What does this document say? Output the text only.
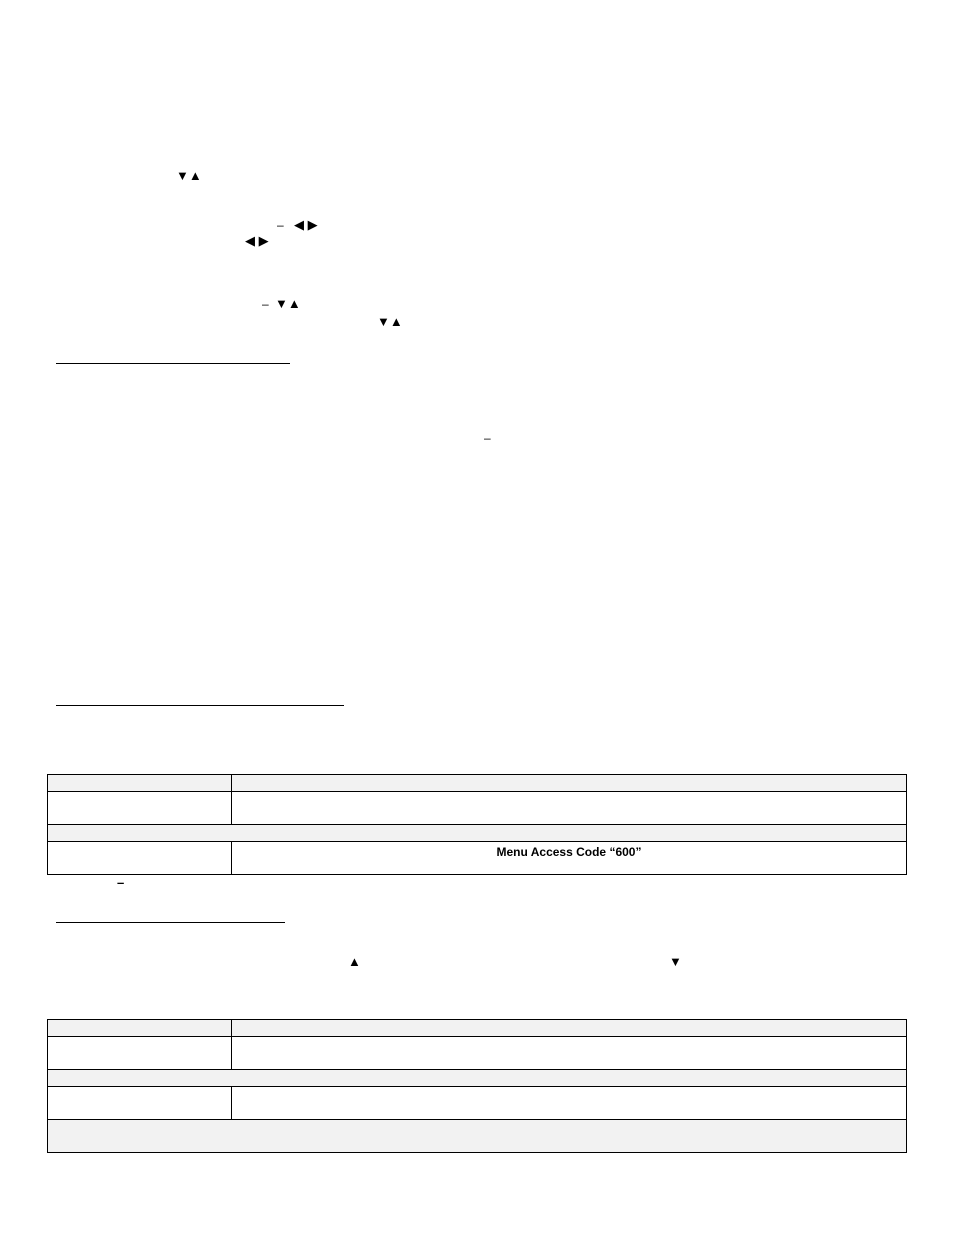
▼▲
– ◀ ▶
◀ ▶
– ▼▲
▼▲
–

	Menu Access Code “600”
–
▲	▼
